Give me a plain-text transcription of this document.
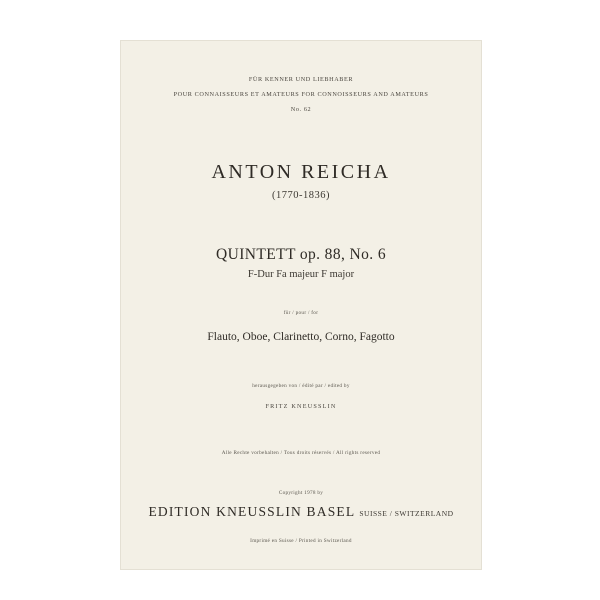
FÜR KENNER UND LIEBHABER
POUR CONNAISSEURS ET AMATEURS FOR CONNOISSEURS AND AMATEURS
No. 62
ANTON REICHA
(1770-1836)
QUINTETT op. 88, No. 6
F-Dur Fa majeur F major
für / pour / for
Flauto, Oboe, Clarinetto, Corno, Fagotto
herausgegeben von / édité par / edited by
FRITZ KNEUSSLIN
Alle Rechte vorbehalten / Tous droits réservés / All rights reserved
Copyright 1978 by
EDITION KNEUSSLIN BASEL SUISSE / SWITZERLAND
Imprimé en Suisse / Printed in Switzerland
